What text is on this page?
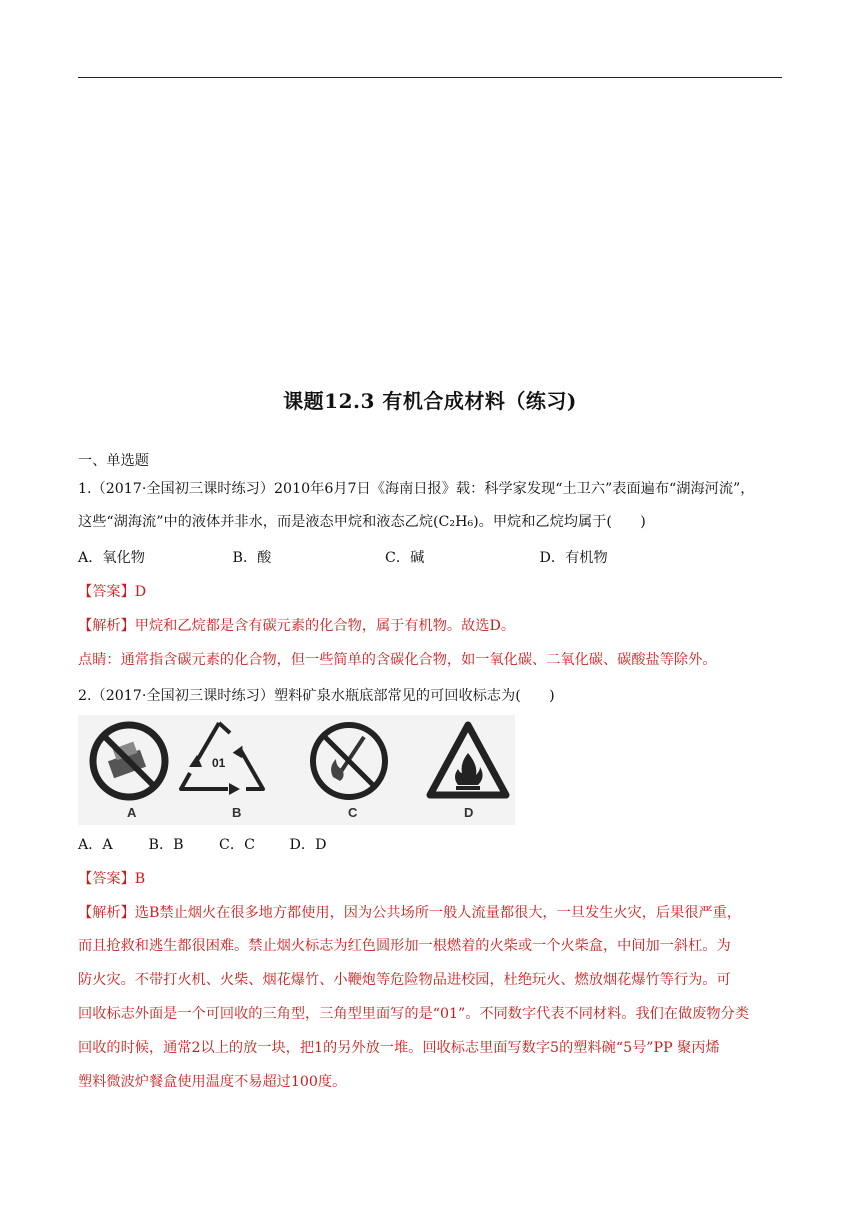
课题12.3 有机合成材料（练习)
一、单选题
1.（2017·全国初三课时练习）2010年6月7日《海南日报》载：科学家发现“土卫六”表面遍布“湖海河流”，
这些“湖海流”中的液体并非水，而是液态甲烷和液态乙烷(C₂H₆)。甲烷和乙烷均属于(　　)
A．氧化物	B．酸	C．碱	D．有机物
【答案】D
【解析】甲烷和乙烷都是含有碳元素的化合物，属于有机物。故选D。
点睛：通常指含碳元素的化合物，但一些简单的含碳化合物，如一氧化碳、二氧化碳、碳酸盐等除外。
2.（2017·全国初三课时练习）塑料矿泉水瓶底部常见的可回收标志为(　　)
A	B	C	D
01
A．A	B．B C．C D．D
【答案】B
【解析】选B禁止烟火在很多地方都使用，因为公共场所一般人流量都很大，一旦发生火灾，后果很严重，
而且抢救和逃生都很困难。禁止烟火标志为红色圆形加一根燃着的火柴或一个火柴盒，中间加一斜杠。为
防火灾。不带打火机、火柴、烟花爆竹、小鞭炮等危险物品进校园，杜绝玩火、燃放烟花爆竹等行为。可
回收标志外面是一个可回收的三角型，三角型里面写的是“01”。不同数字代表不同材料。我们在做废物分类
回收的时候，通常2以上的放一块，把1的另外放一堆。回收标志里面写数字5的塑料碗“5号”PP 聚丙烯
塑料微波炉餐盒使用温度不易超过100度。
